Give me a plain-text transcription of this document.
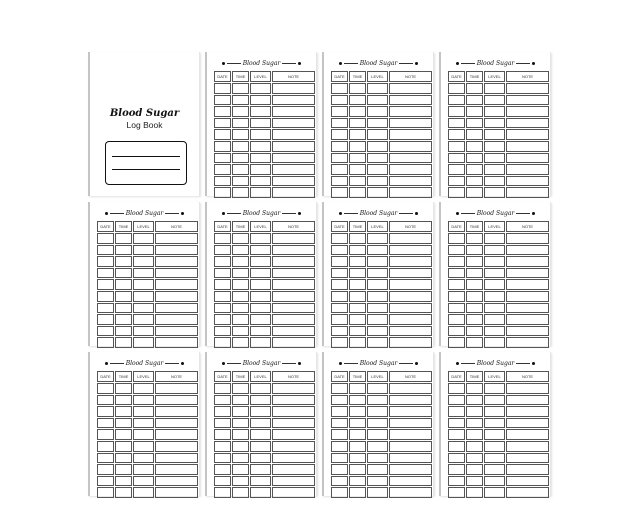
Blood Sugar
Log Book
Blood Sugar
DATE	TIME	LEVEL	NOTE

Blood Sugar
DATE	TIME	LEVEL	NOTE

Blood Sugar
DATE	TIME	LEVEL	NOTE

Blood Sugar
DATE	TIME	LEVEL	NOTE

Blood Sugar
DATE	TIME	LEVEL	NOTE

Blood Sugar
DATE	TIME	LEVEL	NOTE

Blood Sugar
DATE	TIME	LEVEL	NOTE

Blood Sugar
DATE	TIME	LEVEL	NOTE

Blood Sugar
DATE	TIME	LEVEL	NOTE

Blood Sugar
DATE	TIME	LEVEL	NOTE

Blood Sugar
DATE	TIME	LEVEL	NOTE
